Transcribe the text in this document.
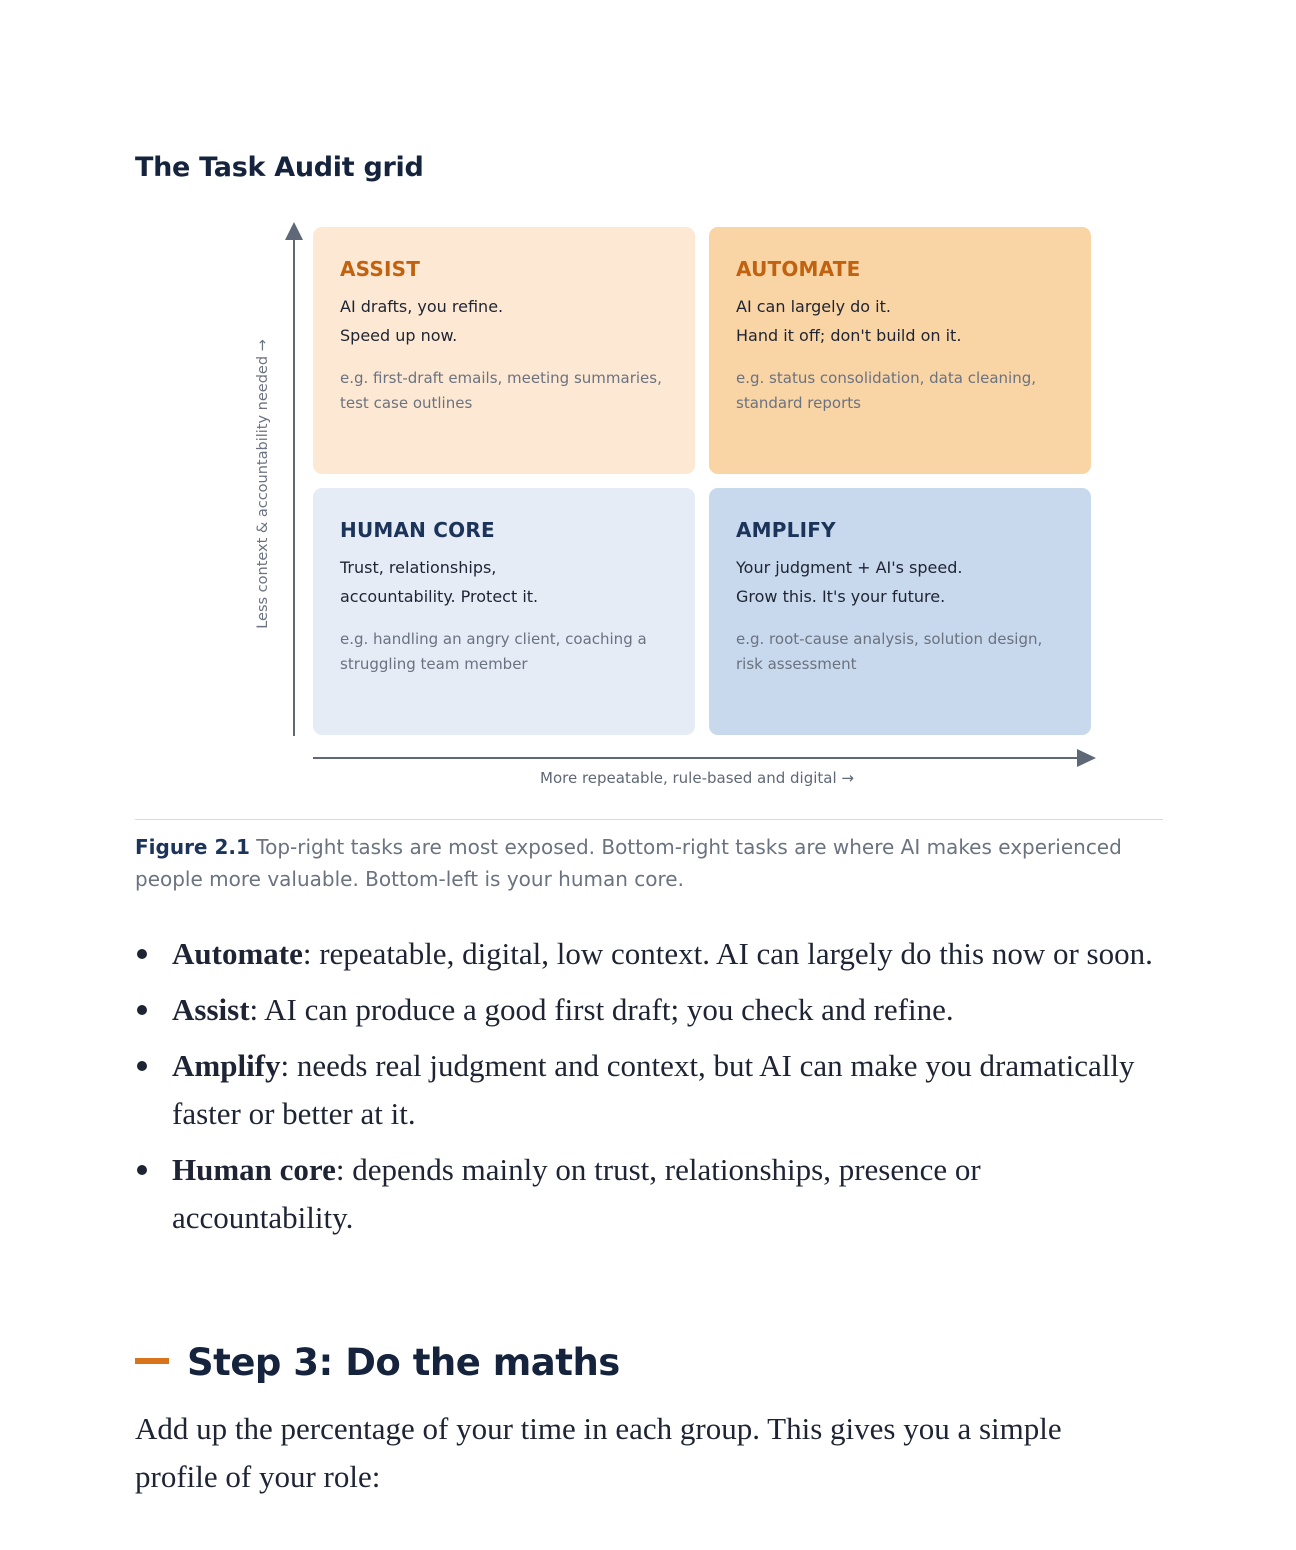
The Task Audit grid
Less context & accountability needed →
ASSIST

AI drafts, you refine.

Speed up now.

e.g. first-draft emails, meeting summaries, test case outlines

AUTOMATE

AI can largely do it.

Hand it off; don't build on it.

e.g. status consolidation, data cleaning, standard reports

HUMAN CORE

Trust, relationships,

accountability. Protect it.

e.g. handling an angry client, coaching a struggling team member

AMPLIFY

Your judgment + AI's speed.

Grow this. It's your future.

e.g. root-cause analysis, solution design, risk assessment

More repeatable, rule-based and digital →

Figure 2.1 Top-right tasks are most exposed. Bottom-right tasks are where AI makes experienced people more valuable. Bottom-left is your human core.

Automate: repeatable, digital, low context. AI can largely do this now or soon.
Assist: AI can produce a good first draft; you check and refine.
Amplify: needs real judgment and context, but AI can make you dramatically faster or better at it.
Human core: depends mainly on trust, relationships, presence or accountability.
Step 3: Do the maths

Add up the percentage of your time in each group. This gives you a simple profile of your role:
